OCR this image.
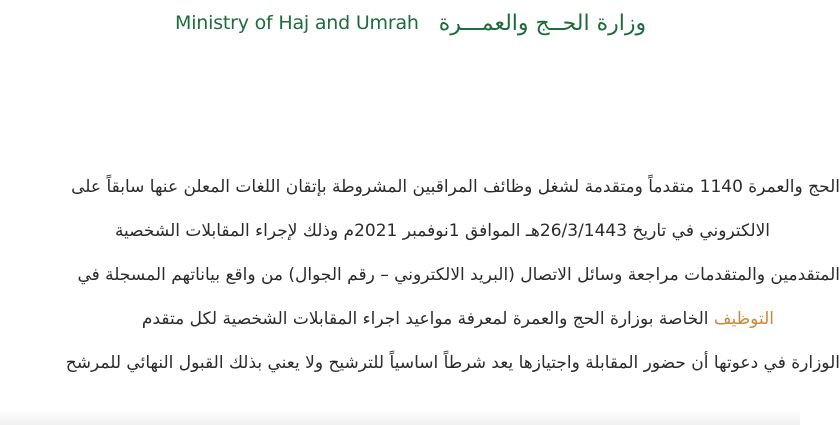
Ministry of Haj and Umrah وزارة الحــج والعمـــرة
الحج والعمرة 1140 متقدماً ومتقدمة لشغل وظائف المراقبين المشروطة بإتقان اللغات المعلن عنها سابقاً على
الالكتروني في تاريخ 26/3/1443هـ الموافق 1نوفمبر 2021م وذلك لإجراء المقابلات الشخصية
المتقدمين والمتقدمات مراجعة وسائل الاتصال (البريد الالكتروني – رقم الجوال) من واقع بياناتهم المسجلة في
التوظيف الخاصة بوزارة الحج والعمرة لمعرفة مواعيد اجراء المقابلات الشخصية لكل متقدم
الوزارة في دعوتها أن حضور المقابلة واجتيازها يعد شرطاً اساسياً للترشيح ولا يعني بذلك القبول النهائي للمرشح
